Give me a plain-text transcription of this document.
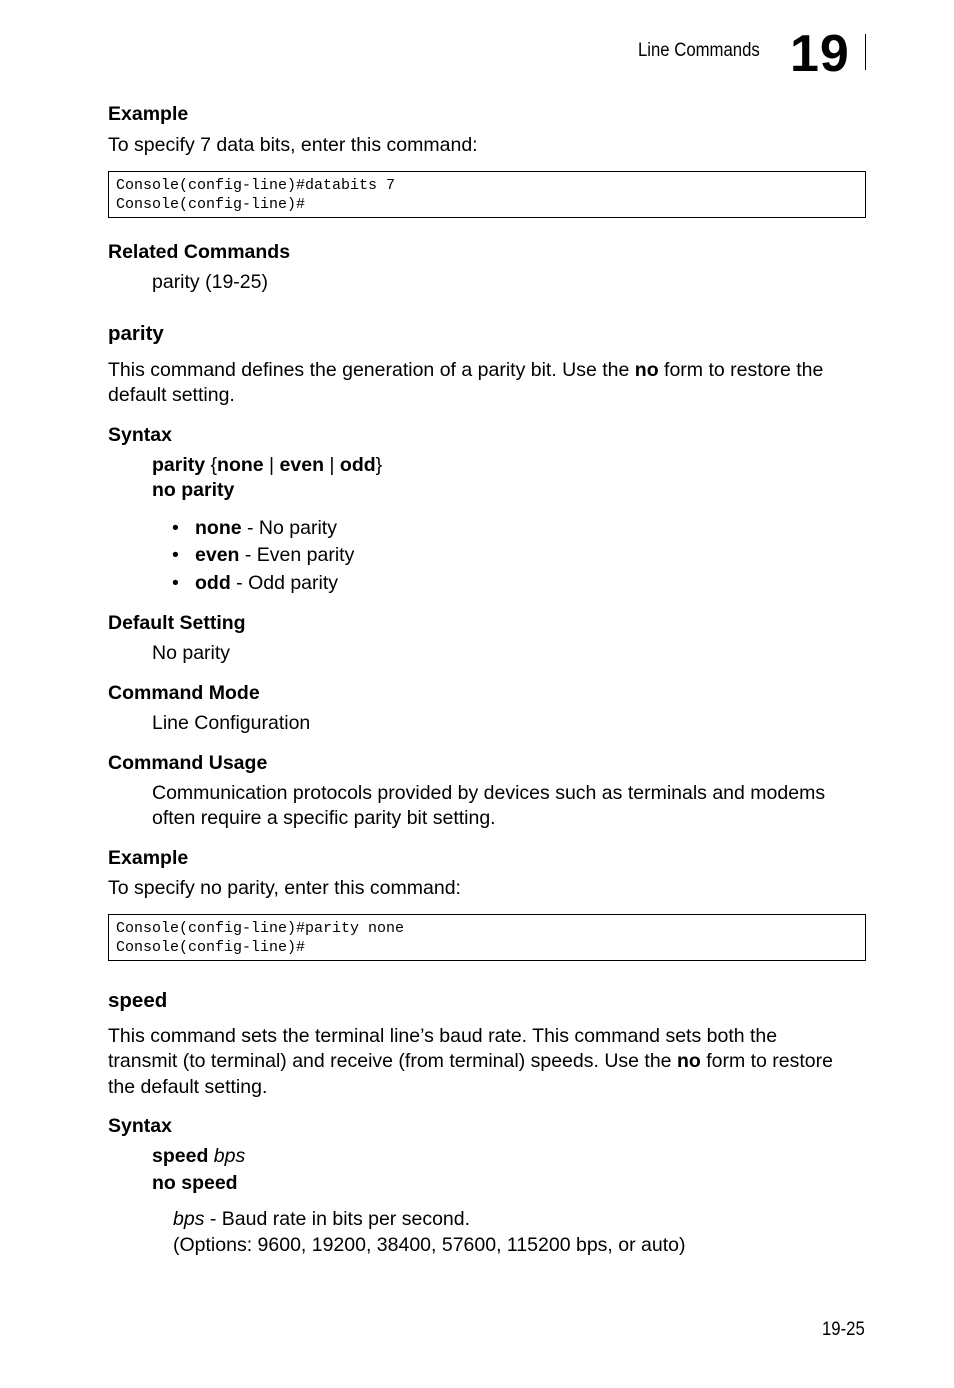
Line Commands 19
Example
To specify 7 data bits, enter this command:
Console(config-line)#databits 7
Console(config-line)#
Related Commands
parity (19-25)
parity
This command defines the generation of a parity bit. Use the no form to restore the
default setting.
Syntax
parity {none | even | odd}
no parity
• none - No parity
• even - Even parity
• odd - Odd parity
Default Setting
No parity
Command Mode
Line Configuration
Command Usage
Communication protocols provided by devices such as terminals and modems
often require a specific parity bit setting.
Example
To specify no parity, enter this command:
Console(config-line)#parity none
Console(config-line)#
speed
This command sets the terminal line’s baud rate. This command sets both the
transmit (to terminal) and receive (from terminal) speeds. Use the no form to restore
the default setting.
Syntax
speed bps
no speed
bps - Baud rate in bits per second.
(Options: 9600, 19200, 38400, 57600, 115200 bps, or auto)
19-25
